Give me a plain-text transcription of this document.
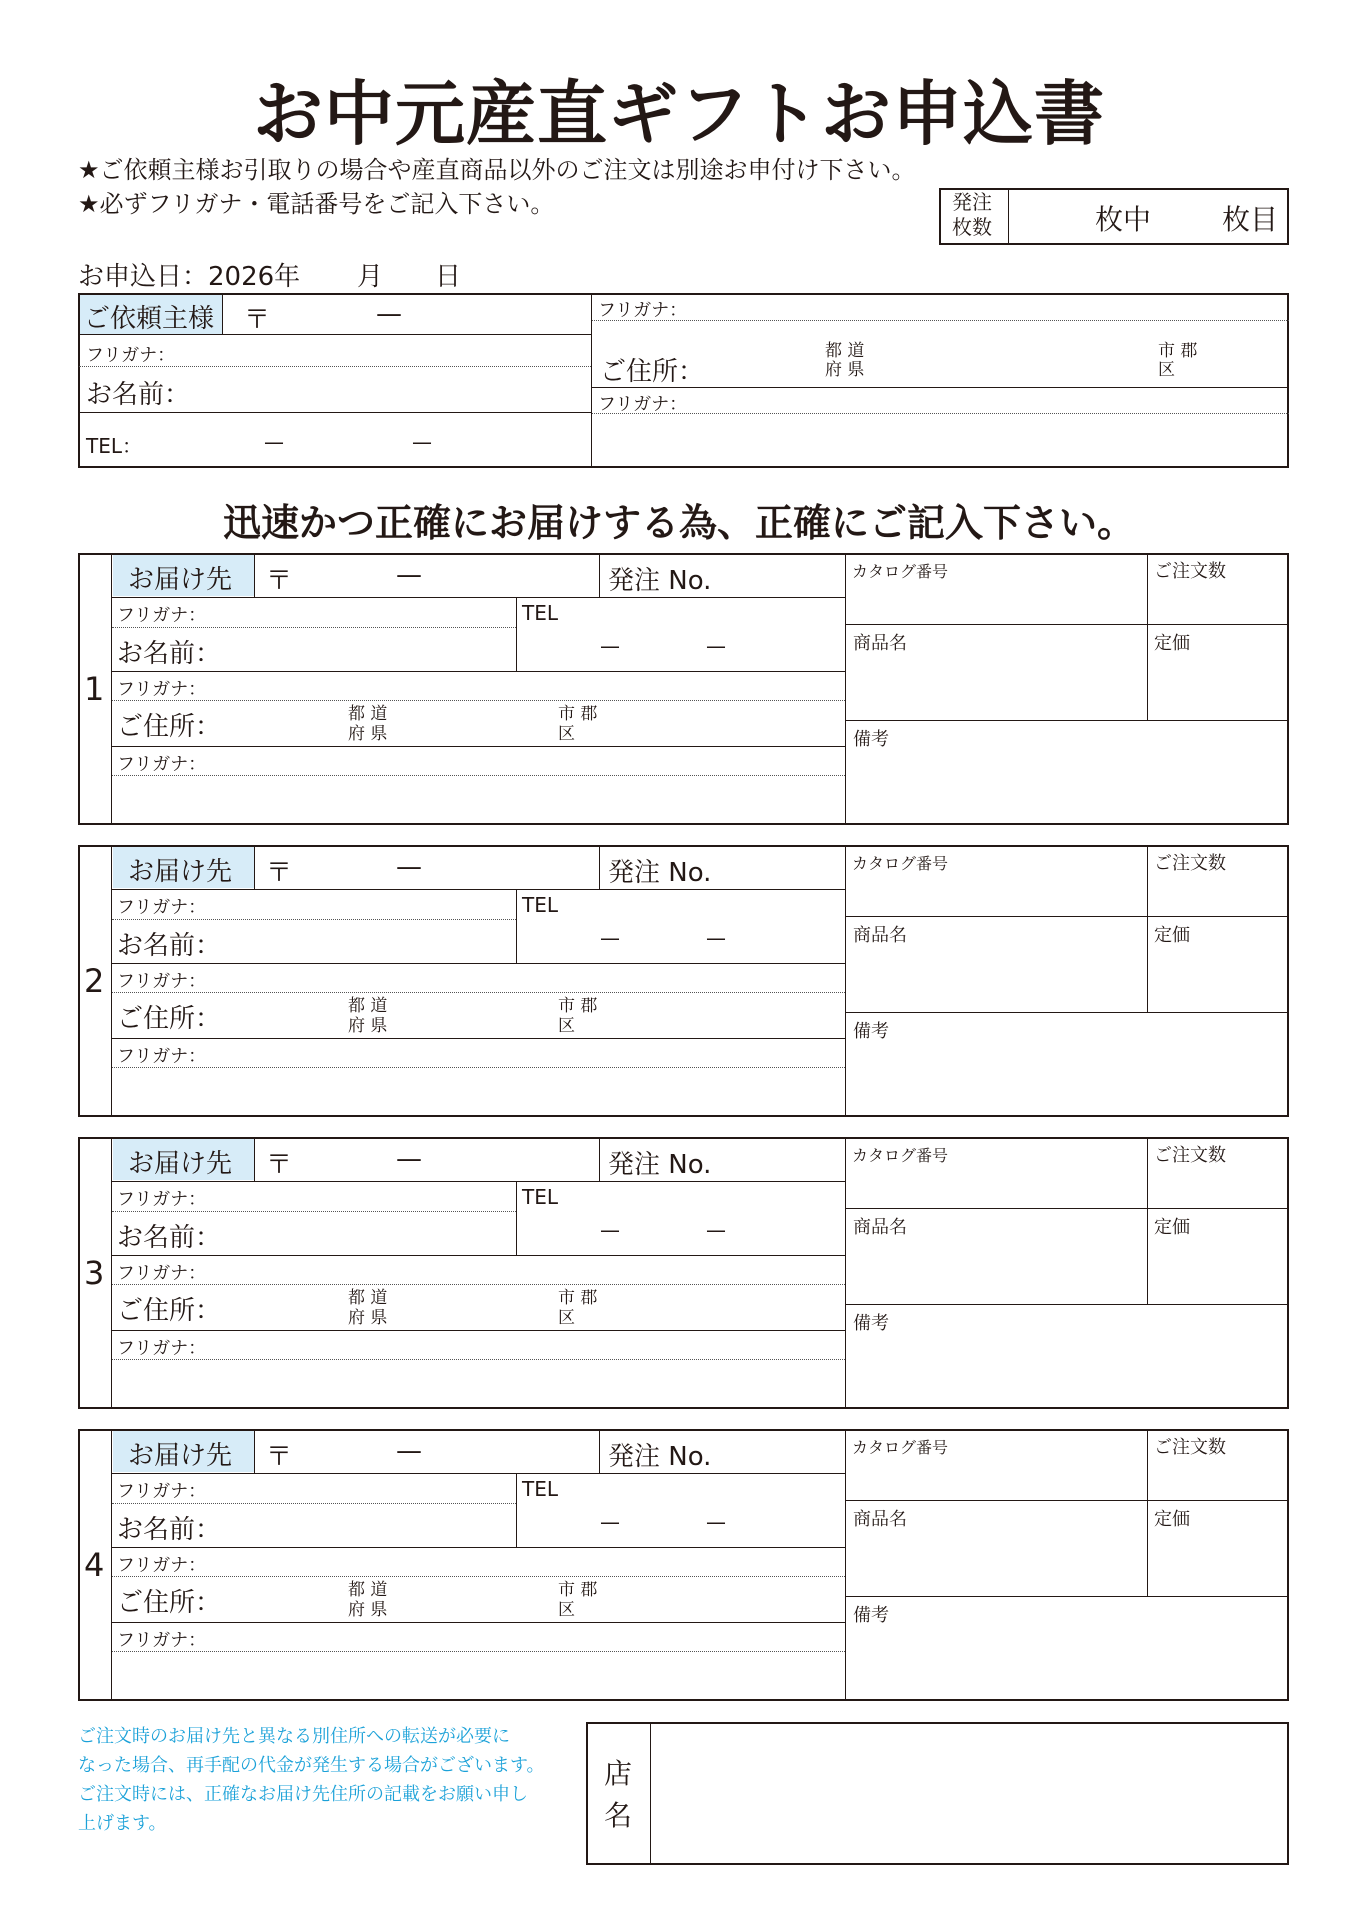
お中元産直ギフトお申込書
★ご依頼主様お引取りの場合や産直商品以外のご注文は別途お申付け下さい。
★必ずフリガナ・電話番号をご記入下さい。	発注
枚数	枚中	枚目
お申込日：2026年 月 日
ご依頼主様 〒	—
フリガナ：
お名前：
TEL：	—	—
フリガナ：
ご住所：
都 道
府 県
市 郡
区
フリガナ：
迅速かつ正確にお届けする為、正確にご記入下さい。
1
お届け先 〒	—	発注 No.
フリガナ：
お名前：
TEL
—	—
フリガナ：
ご住所：	都 道
府 県
市 郡
区
フリガナ：
カタログ番号	ご注文数
商品名	定価
備考
2
お届け先 〒	—	発注 No.
フリガナ：
お名前：
TEL
—	—
フリガナ：
ご住所：	都 道
府 県
市 郡
区
フリガナ：
カタログ番号	ご注文数
商品名	定価
備考
3
お届け先 〒	—	発注 No.
フリガナ：
お名前：
TEL
—	—
フリガナ：
ご住所：	都 道
府 県
市 郡
区
フリガナ：
カタログ番号	ご注文数
商品名	定価
備考
4
お届け先 〒	—	発注 No.
フリガナ：
お名前：
TEL
—	—
フリガナ：
ご住所：	都 道
府 県
市 郡
区
フリガナ：
カタログ番号	ご注文数
商品名	定価
備考
ご注文時のお届け先と異なる別住所への転送が必要に
なった場合、再手配の代金が発生する場合がございます。
ご注文時には、正確なお届け先住所の記載をお願い申し
上げます。
店
名
